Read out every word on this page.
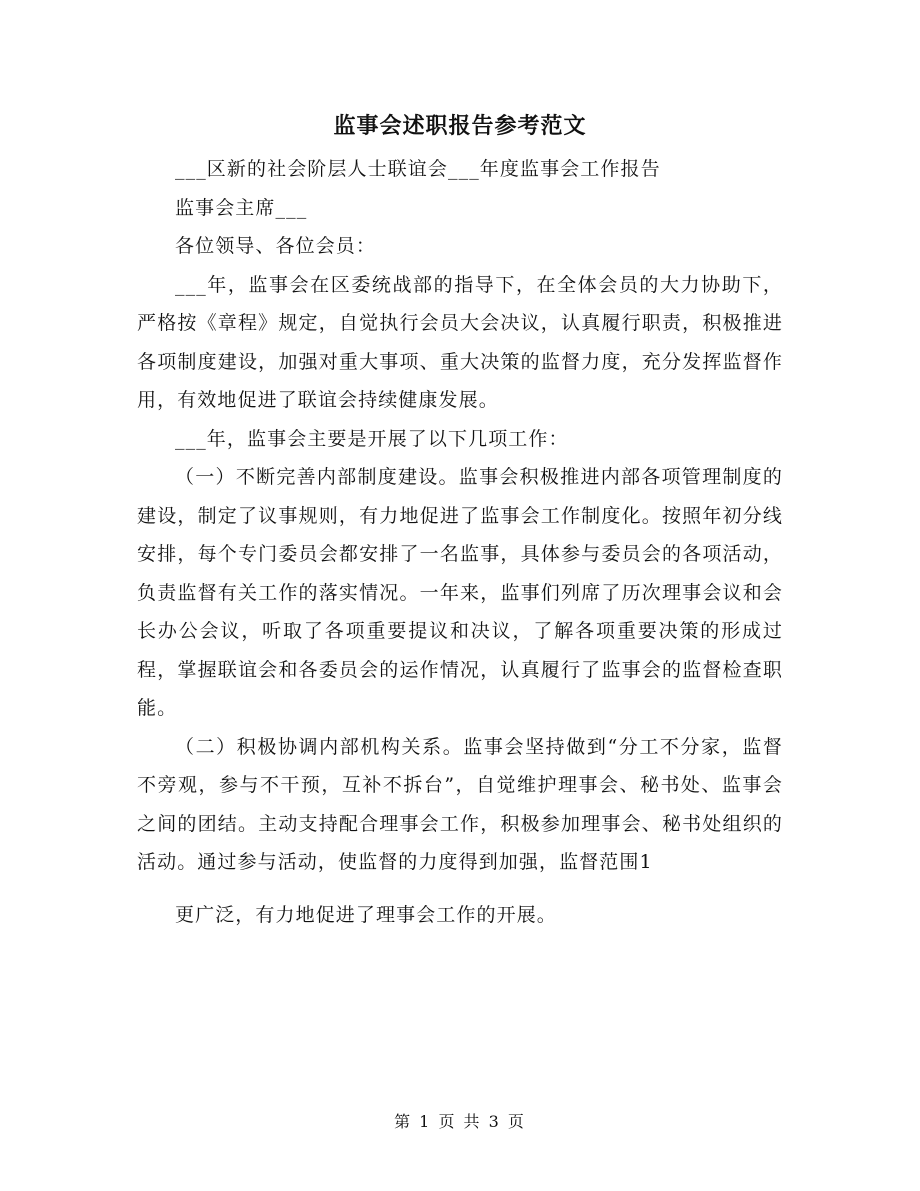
监事会述职报告参考范文

___区新的社会阶层人士联谊会___年度监事会工作报告

监事会主席___

各位领导、各位会员：

___年，监事会在区委统战部的指导下，在全体会员的大力协助下，严格按《章程》规定，自觉执行会员大会决议，认真履行职责，积极推进各项制度建设，加强对重大事项、重大决策的监督力度，充分发挥监督作用，有效地促进了联谊会持续健康发展。

___年，监事会主要是开展了以下几项工作：

（一）不断完善内部制度建设。监事会积极推进内部各项管理制度的建设，制定了议事规则，有力地促进了监事会工作制度化。按照年初分线安排，每个专门委员会都安排了一名监事，具体参与委员会的各项活动，负责监督有关工作的落实情况。一年来，监事们列席了历次理事会议和会长办公会议，听取了各项重要提议和决议，了解各项重要决策的形成过程，掌握联谊会和各委员会的运作情况，认真履行了监事会的监督检查职能。

（二）积极协调内部机构关系。监事会坚持做到“分工不分家，监督不旁观，参与不干预，互补不拆台”，自觉维护理事会、秘书处、监事会之间的团结。主动支持配合理事会工作，积极参加理事会、秘书处组织的活动。通过参与活动，使监督的力度得到加强，监督范围1

更广泛，有力地促进了理事会工作的开展。

第 1 页 共 3 页
